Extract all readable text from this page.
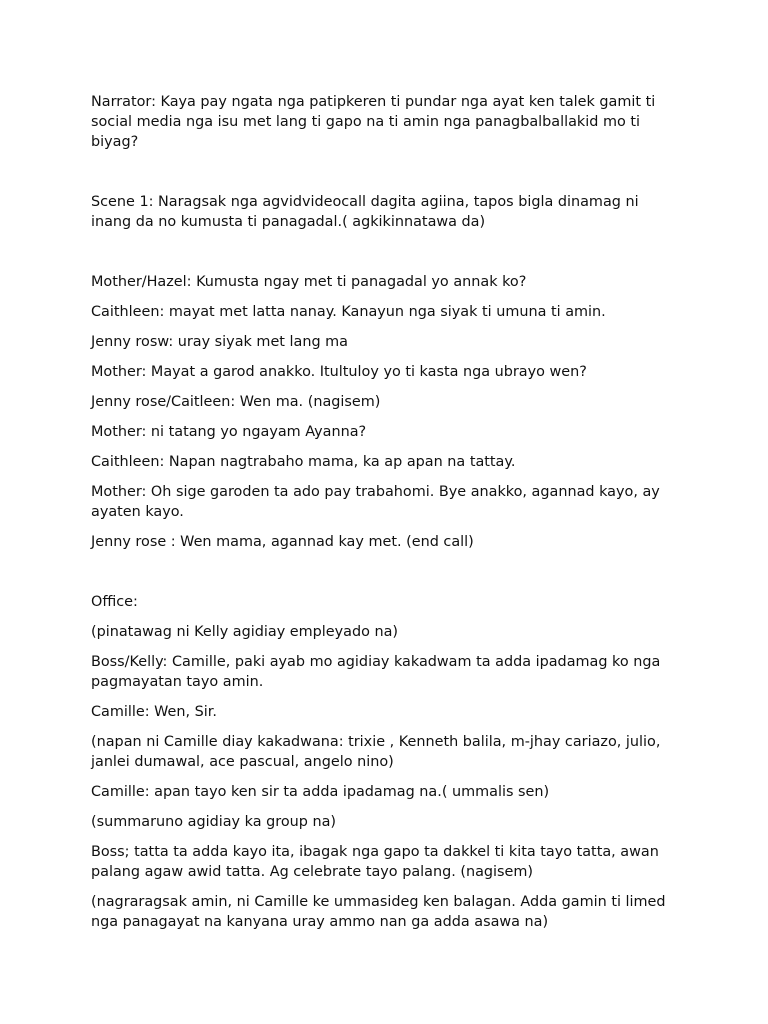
Narrator: Kaya pay ngata nga patipkeren ti pundar nga ayat ken talek gamit ti social media nga isu met lang ti gapo na ti amin nga panagbalballakid mo ti biyag?

Scene 1: Naragsak nga agvidvideocall dagita agiina, tapos bigla dinamag ni inang da no kumusta ti panagadal.( agkikinnatawa da)

Mother/Hazel: Kumusta ngay met ti panagadal yo annak ko?

Caithleen: mayat met latta nanay. Kanayun nga siyak ti umuna ti amin.

Jenny rosw: uray siyak met lang ma

Mother: Mayat a garod anakko. Itultuloy yo ti kasta nga ubrayo wen?

Jenny rose/Caitleen: Wen ma. (nagisem)

Mother: ni tatang yo ngayam Ayanna?

Caithleen: Napan nagtrabaho mama, ka ap apan na tattay.

Mother: Oh sige garoden ta ado pay trabahomi. Bye anakko, agannad kayo, ay ayaten kayo.

Jenny rose : Wen mama, agannad kay met. (end call)

Office:

(pinatawag ni Kelly agidiay empleyado na)

Boss/Kelly: Camille, paki ayab mo agidiay kakadwam ta adda ipadamag ko nga pagmayatan tayo amin.

Camille: Wen, Sir.

(napan ni Camille diay kakadwana: trixie , Kenneth balila, m-jhay cariazo, julio, janlei dumawal, ace pascual, angelo nino)

Camille: apan tayo ken sir ta adda ipadamag na.( ummalis sen)

(summaruno agidiay ka group na)

Boss; tatta ta adda kayo ita, ibagak nga gapo ta dakkel ti kita tayo tatta, awan palang agaw awid tatta. Ag celebrate tayo palang. (nagisem)

(nagraragsak amin, ni Camille ke ummasideg ken balagan. Adda gamin ti limed nga panagayat na kanyana uray ammo nan ga adda asawa na)
